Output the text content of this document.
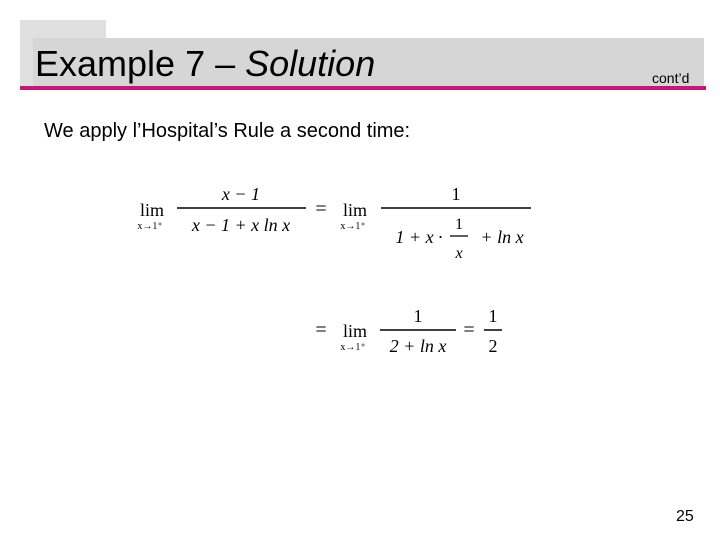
Example 7 – Solution	cont’d

We apply l’Hospital’s Rule a second time:

lim
x→1⁺
x − 1
x − 1 + x ln x
= lim
x→1⁺
1
1 + x ·
1
x
+ ln x
= lim
x→1⁺
1
2 + ln x
=
1
2
25
